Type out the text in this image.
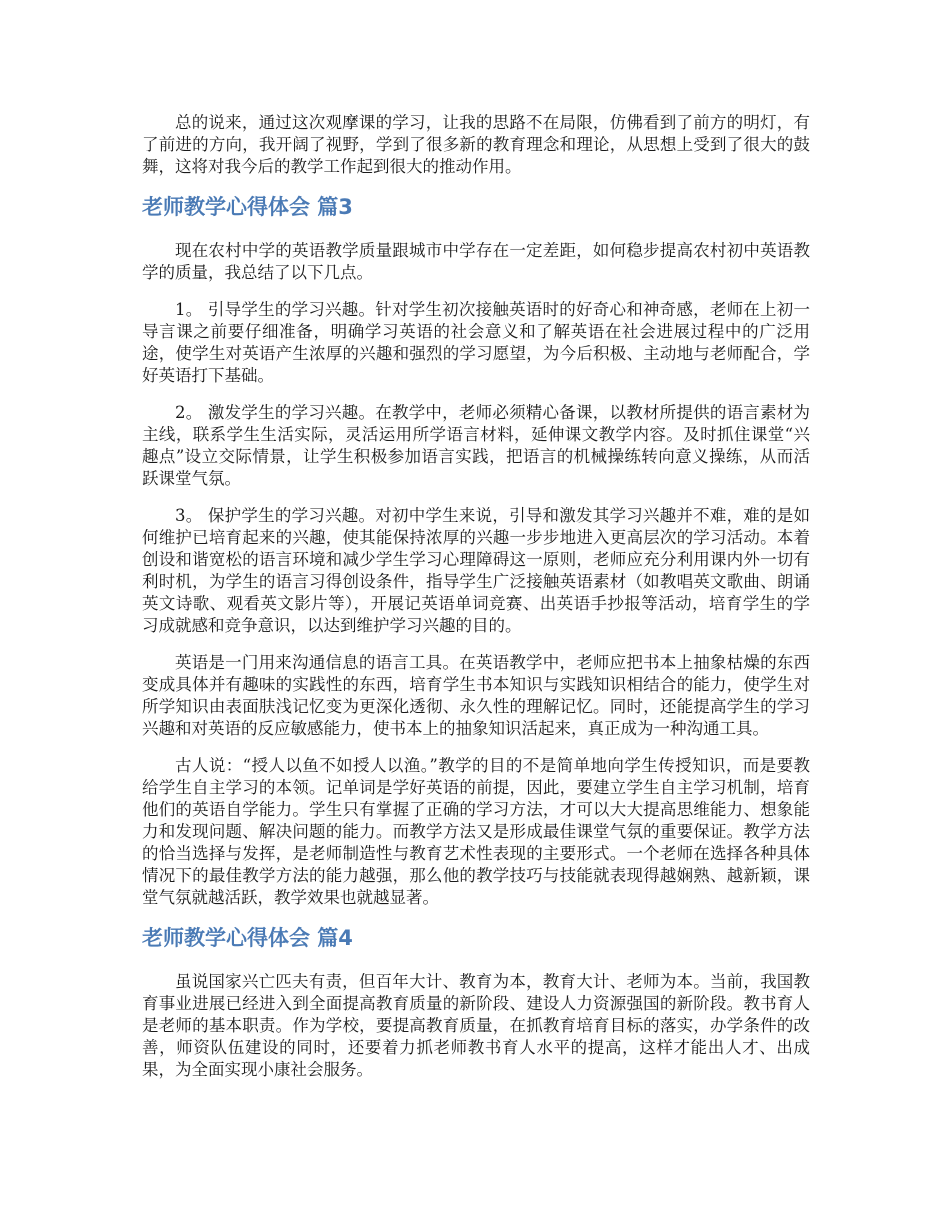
总的说来，通过这次观摩课的学习，让我的思路不在局限，仿佛看到了前方的明灯，有了前进的方向，我开阔了视野，学到了很多新的教育理念和理论，从思想上受到了很大的鼓舞，这将对我今后的教学工作起到很大的推动作用。

老师教学心得体会 篇3

现在农村中学的英语教学质量跟城市中学存在一定差距，如何稳步提高农村初中英语教学的质量，我总结了以下几点。

1。 引导学生的学习兴趣。针对学生初次接触英语时的好奇心和神奇感，老师在上初一导言课之前要仔细准备，明确学习英语的社会意义和了解英语在社会进展过程中的广泛用途，使学生对英语产生浓厚的兴趣和强烈的学习愿望，为今后积极、主动地与老师配合，学好英语打下基础。

2。 激发学生的学习兴趣。在教学中，老师必须精心备课，以教材所提供的语言素材为主线，联系学生生活实际，灵活运用所学语言材料，延伸课文教学内容。及时抓住课堂“兴趣点”设立交际情景，让学生积极参加语言实践，把语言的机械操练转向意义操练，从而活跃课堂气氛。

3。 保护学生的学习兴趣。对初中学生来说，引导和激发其学习兴趣并不难，难的是如何维护已培育起来的兴趣，使其能保持浓厚的兴趣一步步地进入更高层次的学习活动。本着创设和谐宽松的语言环境和减少学生学习心理障碍这一原则，老师应充分利用课内外一切有利时机，为学生的语言习得创设条件，指导学生广泛接触英语素材（如教唱英文歌曲、朗诵英文诗歌、观看英文影片等），开展记英语单词竞赛、出英语手抄报等活动，培育学生的学习成就感和竞争意识，以达到维护学习兴趣的目的。

英语是一门用来沟通信息的语言工具。在英语教学中，老师应把书本上抽象枯燥的东西变成具体并有趣味的实践性的东西，培育学生书本知识与实践知识相结合的能力，使学生对所学知识由表面肤浅记忆变为更深化透彻、永久性的理解记忆。同时，还能提高学生的学习兴趣和对英语的反应敏感能力，使书本上的抽象知识活起来，真正成为一种沟通工具。

古人说：“授人以鱼不如授人以渔。”教学的目的不是简单地向学生传授知识，而是要教给学生自主学习的本领。记单词是学好英语的前提，因此，要建立学生自主学习机制，培育他们的英语自学能力。学生只有掌握了正确的学习方法，才可以大大提高思维能力、想象能力和发现问题、解决问题的能力。而教学方法又是形成最佳课堂气氛的重要保证。教学方法的恰当选择与发挥，是老师制造性与教育艺术性表现的主要形式。一个老师在选择各种具体情况下的最佳教学方法的能力越强，那么他的教学技巧与技能就表现得越娴熟、越新颖，课堂气氛就越活跃，教学效果也就越显著。

老师教学心得体会 篇4

虽说国家兴亡匹夫有责，但百年大计、教育为本，教育大计、老师为本。当前，我国教育事业进展已经进入到全面提高教育质量的新阶段、建设人力资源强国的新阶段。教书育人是老师的基本职责。作为学校，要提高教育质量，在抓教育培育目标的落实，办学条件的改善，师资队伍建设的同时，还要着力抓老师教书育人水平的提高，这样才能出人才、出成果，为全面实现小康社会服务。
